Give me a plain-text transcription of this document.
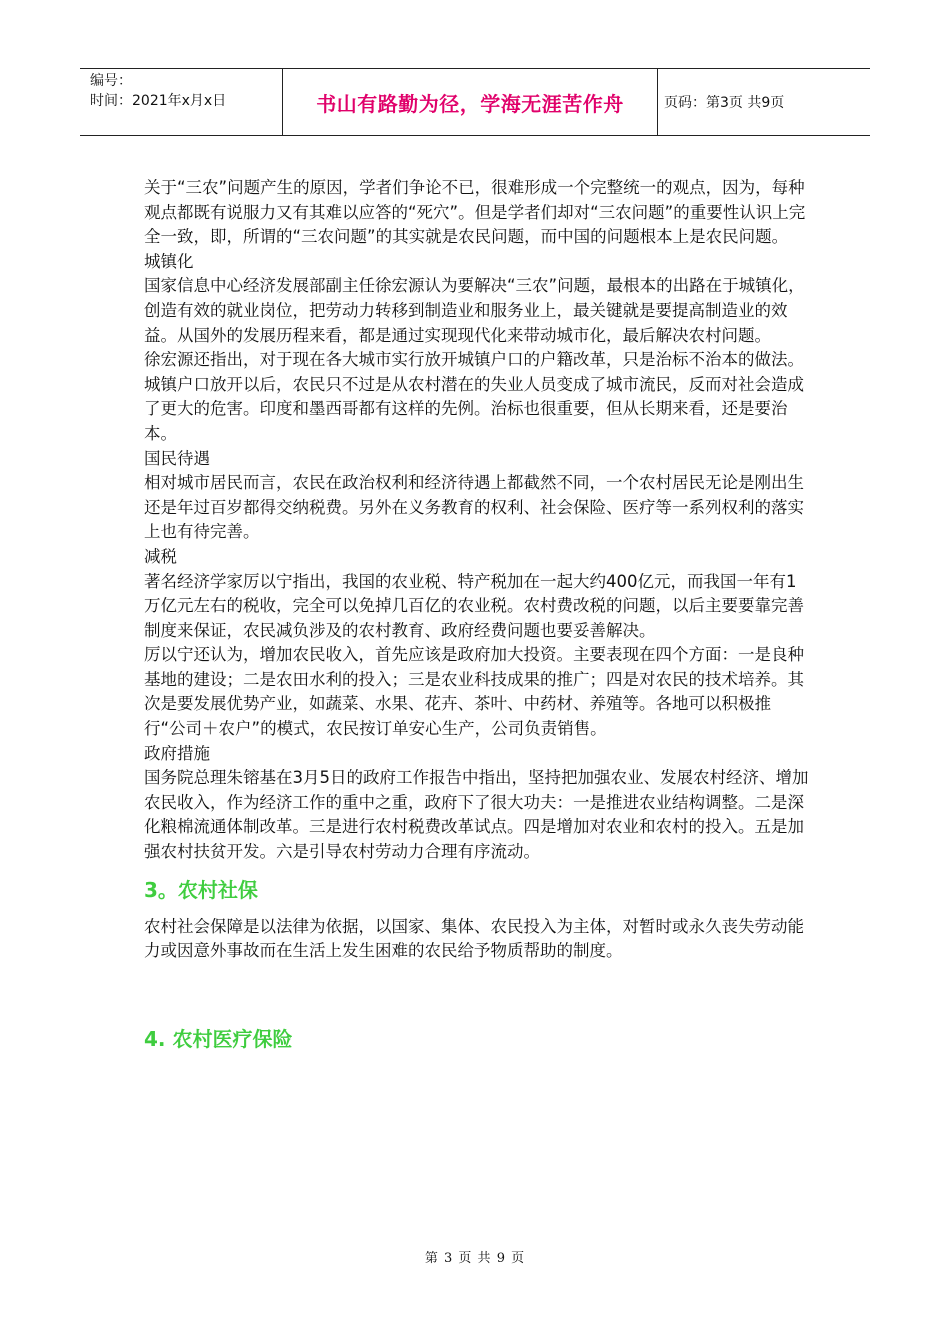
编号：
时间：2021年x月x日	书山有路勤为径，学海无涯苦作舟	页码：第3页 共9页

关于“三农”问题产生的原因，学者们争论不已，很难形成一个完整统一的观点，因为，每种观点都既有说服力又有其难以应答的“死穴”。但是学者们却对“三农问题”的重要性认识上完全一致，即，所谓的“三农问题”的其实就是农民问题，而中国的问题根本上是农民问题。

城镇化

国家信息中心经济发展部副主任徐宏源认为要解决“三农”问题，最根本的出路在于城镇化，创造有效的就业岗位，把劳动力转移到制造业和服务业上，最关键就是要提高制造业的效益。从国外的发展历程来看，都是通过实现现代化来带动城市化，最后解决农村问题。

徐宏源还指出，对于现在各大城市实行放开城镇户口的户籍改革，只是治标不治本的做法。城镇户口放开以后，农民只不过是从农村潜在的失业人员变成了城市流民，反而对社会造成了更大的危害。印度和墨西哥都有这样的先例。治标也很重要，但从长期来看，还是要治本。

国民待遇

相对城市居民而言，农民在政治权利和经济待遇上都截然不同，一个农村居民无论是刚出生还是年过百岁都得交纳税费。另外在义务教育的权利、社会保险、医疗等一系列权利的落实上也有待完善。

减税

著名经济学家厉以宁指出，我国的农业税、特产税加在一起大约400亿元，而我国一年有1万亿元左右的税收，完全可以免掉几百亿的农业税。农村费改税的问题，以后主要要靠完善制度来保证，农民减负涉及的农村教育、政府经费问题也要妥善解决。

厉以宁还认为，增加农民收入，首先应该是政府加大投资。主要表现在四个方面：一是良种基地的建设；二是农田水利的投入；三是农业科技成果的推广；四是对农民的技术培养。其次是要发展优势产业，如蔬菜、水果、花卉、茶叶、中药材、养殖等。各地可以积极推行“公司＋农户”的模式，农民按订单安心生产，公司负责销售。

政府措施

国务院总理朱镕基在3月5日的政府工作报告中指出，坚持把加强农业、发展农村经济、增加农民收入，作为经济工作的重中之重，政府下了很大功夫：一是推进农业结构调整。二是深化粮棉流通体制改革。三是进行农村税费改革试点。四是增加对农业和农村的投入。五是加强农村扶贫开发。六是引导农村劳动力合理有序流动。

3。农村社保

农村社会保障是以法律为依据，以国家、集体、农民投入为主体，对暂时或永久丧失劳动能力或因意外事故而在生活上发生困难的农民给予物质帮助的制度。

4. 农村医疗保险
第 3 页 共 9 页
